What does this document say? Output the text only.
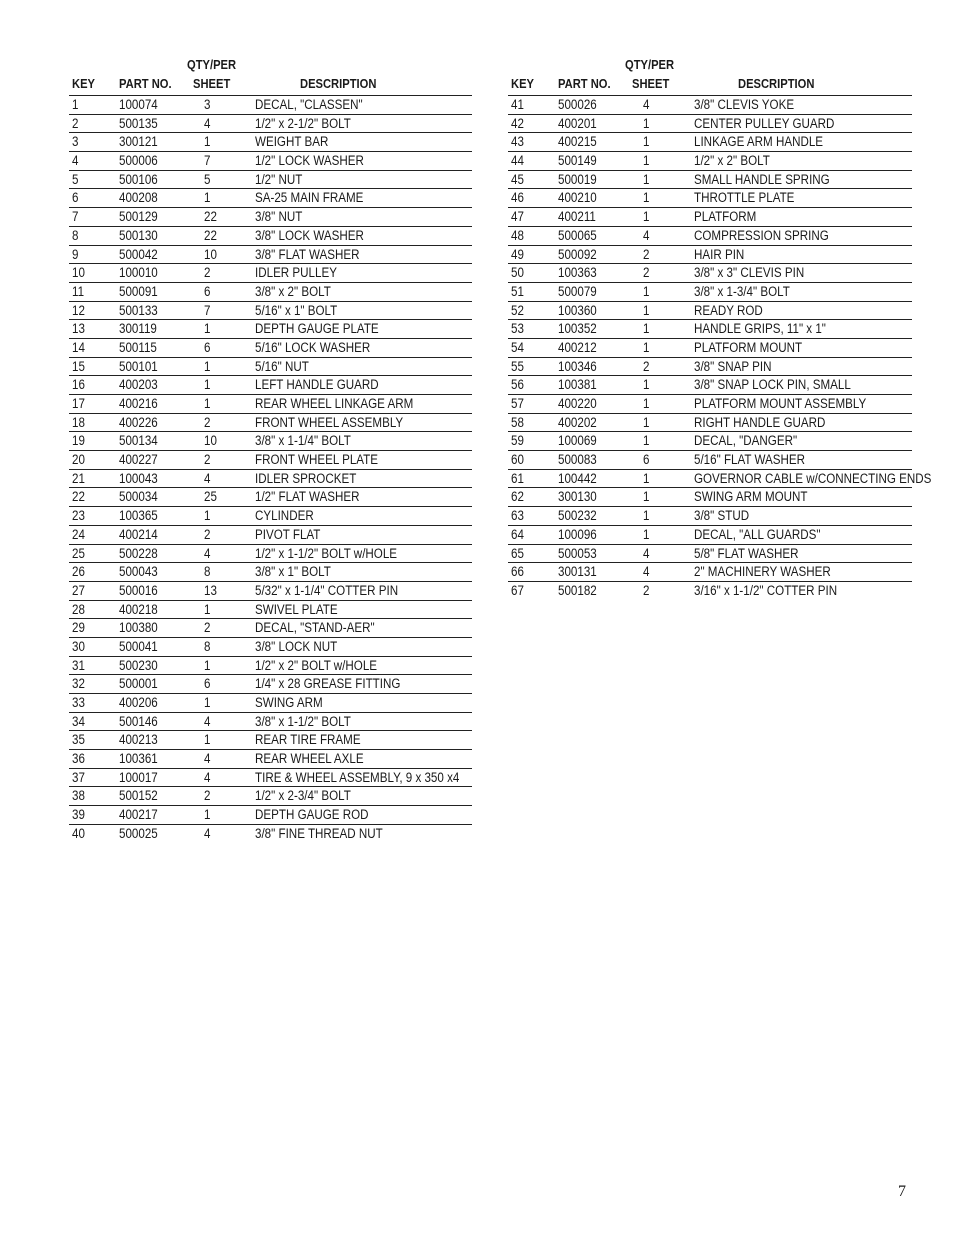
QTY/PER
KEY PART NO. SHEET	DESCRIPTION
1	100074	3	DECAL, "CLASSEN"
2	500135	4	1/2" x 2-1/2" BOLT
3	300121	1	WEIGHT BAR
4	500006	7	1/2" LOCK WASHER
5	500106	5	1/2" NUT
6	400208	1	SA-25 MAIN FRAME
7	500129	22	3/8" NUT
8	500130	22	3/8" LOCK WASHER
9	500042	10	3/8" FLAT WASHER
10	100010	2	IDLER PULLEY
11	500091	6	3/8" x 2" BOLT
12	500133	7	5/16" x 1" BOLT
13	300119	1	DEPTH GAUGE PLATE
14	500115	6	5/16" LOCK WASHER
15	500101	1	5/16" NUT
16	400203	1	LEFT HANDLE GUARD
17	400216	1	REAR WHEEL LINKAGE ARM
18	400226	2	FRONT WHEEL ASSEMBLY
19	500134	10	3/8" x 1-1/4" BOLT
20	400227	2	FRONT WHEEL PLATE
21	100043	4	IDLER SPROCKET
22	500034	25	1/2" FLAT WASHER
23	100365	1	CYLINDER
24	400214	2	PIVOT FLAT
25	500228	4	1/2" x 1-1/2" BOLT w/HOLE
26	500043	8	3/8" x 1" BOLT
27	500016	13	5/32" x 1-1/4" COTTER PIN
28	400218	1	SWIVEL PLATE
29	100380	2	DECAL, "STAND-AER"
30	500041	8	3/8" LOCK NUT
31	500230	1	1/2" x 2" BOLT w/HOLE
32	500001	6	1/4" x 28 GREASE FITTING
33	400206	1	SWING ARM
34	500146	4	3/8" x 1-1/2" BOLT
35	400213	1	REAR TIRE FRAME
36	100361	4	REAR WHEEL AXLE
37	100017	4	TIRE & WHEEL ASSEMBLY, 9 x 350 x4
38	500152	2	1/2" x 2-3/4" BOLT
39	400217	1	DEPTH GAUGE ROD
40	500025	4	3/8" FINE THREAD NUT
QTY/PER
KEY PART NO. SHEET	DESCRIPTION
41	500026	4	3/8" CLEVIS YOKE
42	400201	1	CENTER PULLEY GUARD
43	400215	1	LINKAGE ARM HANDLE
44	500149	1	1/2" x 2" BOLT
45	500019	1	SMALL HANDLE SPRING
46	400210	1	THROTTLE PLATE
47	400211	1	PLATFORM
48	500065	4	COMPRESSION SPRING
49	500092	2	HAIR PIN
50	100363	2	3/8" x 3" CLEVIS PIN
51	500079	1	3/8" x 1-3/4" BOLT
52	100360	1	READY ROD
53	100352	1	HANDLE GRIPS, 11" x 1"
54	400212	1	PLATFORM MOUNT
55	100346	2	3/8" SNAP PIN
56	100381	1	3/8" SNAP LOCK PIN, SMALL
57	400220	1	PLATFORM MOUNT ASSEMBLY
58	400202	1	RIGHT HANDLE GUARD
59	100069	1	DECAL, "DANGER"
60	500083	6	5/16" FLAT WASHER
61	100442	1	GOVERNOR CABLE w/CONNECTING ENDS
62	300130	1	SWING ARM MOUNT
63	500232	1	3/8" STUD
64	100096	1	DECAL, "ALL GUARDS"
65	500053	4	5/8" FLAT WASHER
66	300131	4	2" MACHINERY WASHER
67	500182	2	3/16" x 1-1/2" COTTER PIN
7
